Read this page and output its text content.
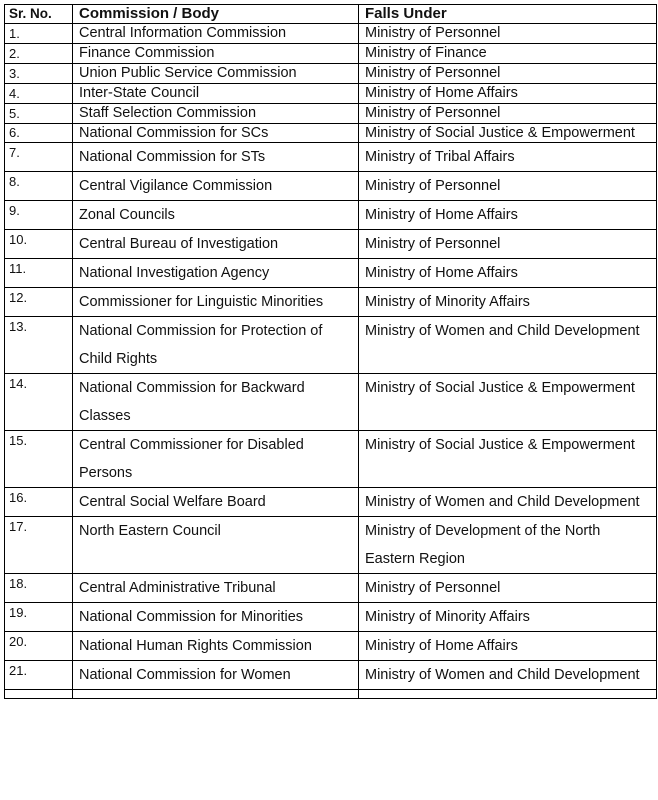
Sr. No.	Commission / Body	Falls Under
1.	Central Information Commission	Ministry of Personnel
2.	Finance Commission	Ministry of Finance
3.	Union Public Service Commission	Ministry of Personnel
4.	Inter-State Council	Ministry of Home Affairs
5.	Staff Selection Commission	Ministry of Personnel
6.	National Commission for SCs	Ministry of Social Justice & Empowerment
7.	National Commission for STs	Ministry of Tribal Affairs
8.	Central Vigilance Commission	Ministry of Personnel
9.	Zonal Councils	Ministry of Home Affairs
10.	Central Bureau of Investigation	Ministry of Personnel
11.	National Investigation Agency	Ministry of Home Affairs
12.	Commissioner for Linguistic Minorities	Ministry of Minority Affairs
13.	National Commission for Protection of Child Rights	Ministry of Women and Child Development
14.	National Commission for Backward Classes	Ministry of Social Justice & Empowerment
15.	Central Commissioner for Disabled Persons	Ministry of Social Justice & Empowerment
16.	Central Social Welfare Board	Ministry of Women and Child Development
17.	North Eastern Council	Ministry of Development of the North Eastern Region
18.	Central Administrative Tribunal	Ministry of Personnel
19.	National Commission for Minorities	Ministry of Minority Affairs
20.	National Human Rights Commission	Ministry of Home Affairs
21.	National Commission for Women	Ministry of Women and Child Development
